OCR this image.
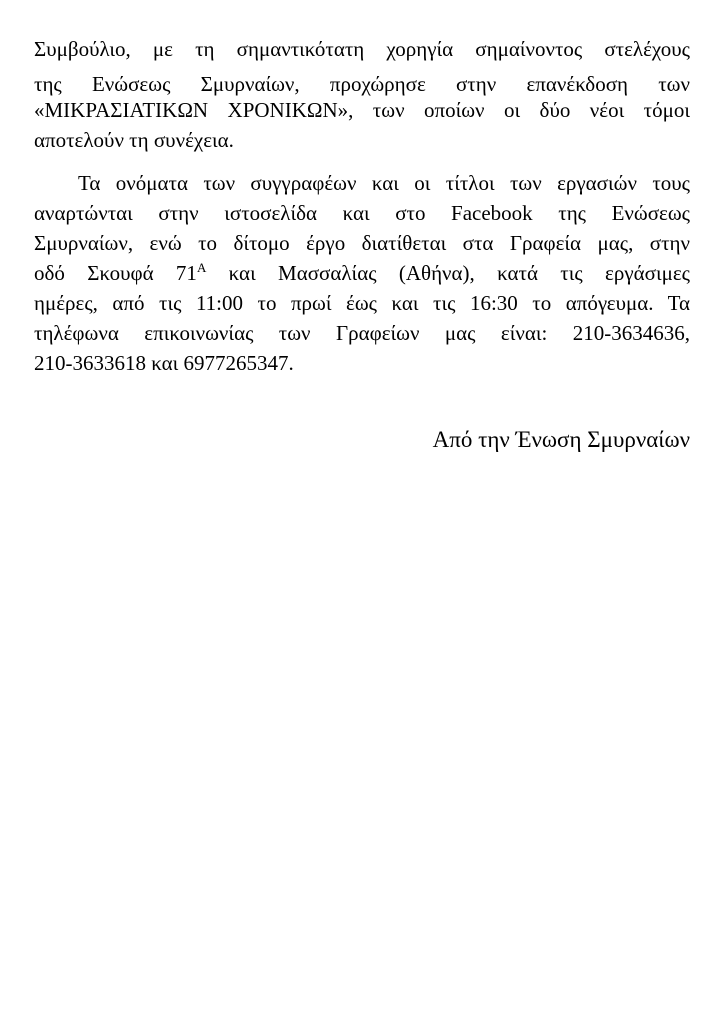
Συμβούλιο, με τη σημαντικότατη χορηγία σημαίνοντος στελέχους
της Ενώσεως Σμυρναίων, προχώρησε στην επανέκδοση των
«ΜΙΚΡΑΣΙΑΤΙΚΩΝ ΧΡΟΝΙΚΩΝ», των οποίων οι δύο νέοι τόμοι
αποτελούν τη συνέχεια.
Τα ονόματα των συγγραφέων και οι τίτλοι των εργασιών τους
αναρτώνται στην ιστοσελίδα και στο Facebook της Ενώσεως
Σμυρναίων, ενώ το δίτομο έργο διατίθεται στα Γραφεία μας, στην
οδό Σκουφά $71^A$ και Μασσαλίας (Αθήνα), κατά τις εργάσιμες
ημέρες, από τις 11:00 το πρωί έως και τις 16:30 το απόγευμα. Τα
τηλέφωνα επικοινωνίας των Γραφείων μας είναι: 210-3634636,
210-3633618 και 6977265347.
Από την Ένωση Σμυρναίων
